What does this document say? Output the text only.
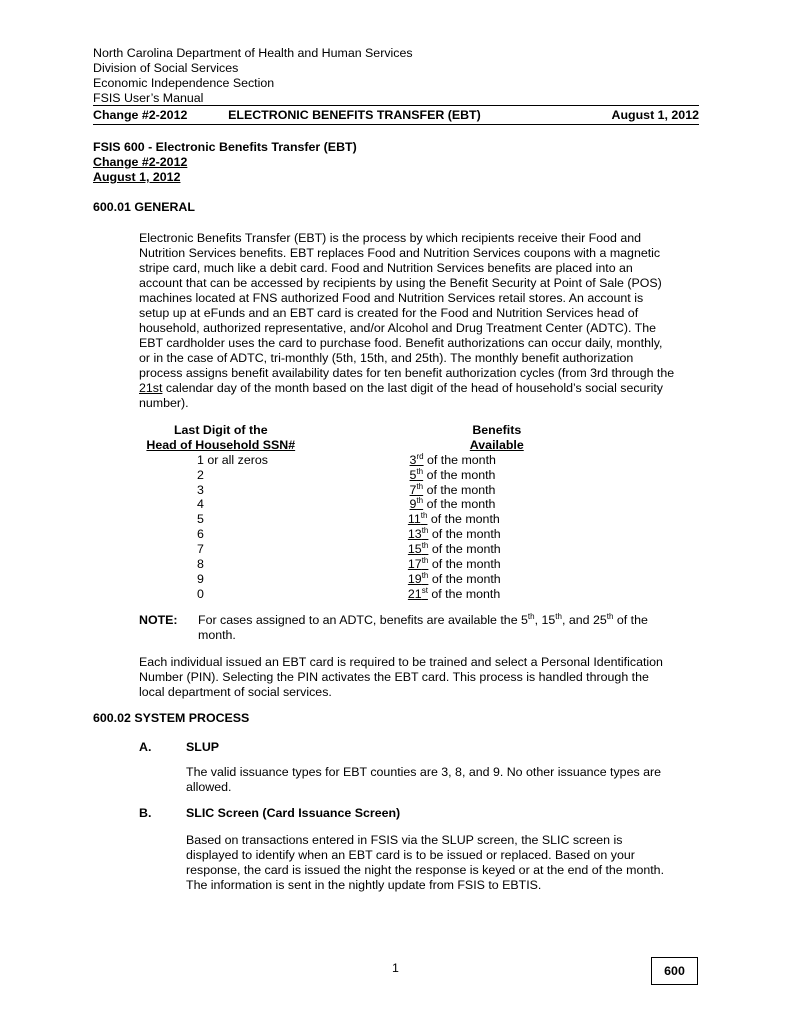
North Carolina Department of Health and Human Services
Division of Social Services
Economic Independence Section
FSIS User’s Manual
Change #2-2012	ELECTRONIC BENEFITS TRANSFER (EBT)	August 1, 2012
FSIS 600 - Electronic Benefits Transfer (EBT)
Change #2-2012
August 1, 2012
600.01 GENERAL
Electronic Benefits Transfer (EBT) is the process by which recipients receive their Food and
Nutrition Services benefits. EBT replaces Food and Nutrition Services coupons with a magnetic
stripe card, much like a debit card. Food and Nutrition Services benefits are placed into an
account that can be accessed by recipients by using the Benefit Security at Point of Sale (POS)
machines located at FNS authorized Food and Nutrition Services retail stores. An account is
setup up at eFunds and an EBT card is created for the Food and Nutrition Services head of
household, authorized representative, and/or Alcohol and Drug Treatment Center (ADTC). The
EBT cardholder uses the card to purchase food. Benefit authorizations can occur daily, monthly,
or in the case of ADTC, tri-monthly (5th, 15th, and 25th). The monthly benefit authorization
process assigns benefit availability dates for ten benefit authorization cycles (from 3rd through the
21st calendar day of the month based on the last digit of the head of household’s social security
number).
Last Digit of the	Benefits
Head of Household SSN#	Available
1 or all zeros	3rd of the month
2	5th of the month
3	7th of the month
4	9th of the month
5	11th of the month
6	13th of the month
7	15th of the month
8	17th of the month
9	19th of the month
0	21st of the month
NOTE: For cases assigned to an ADTC, benefits are available the 5th, 15th, and 25th of the
month.
Each individual issued an EBT card is required to be trained and select a Personal Identification
Number (PIN). Selecting the PIN activates the EBT card. This process is handled through the
local department of social services.
600.02 SYSTEM PROCESS
A.	SLUP
The valid issuance types for EBT counties are 3, 8, and 9. No other issuance types are
allowed.
B.	SLIC Screen (Card Issuance Screen)
Based on transactions entered in FSIS via the SLUP screen, the SLIC screen is
displayed to identify when an EBT card is to be issued or replaced. Based on your
response, the card is issued the night the response is keyed or at the end of the month.
The information is sent in the nightly update from FSIS to EBTIS.
1	600
